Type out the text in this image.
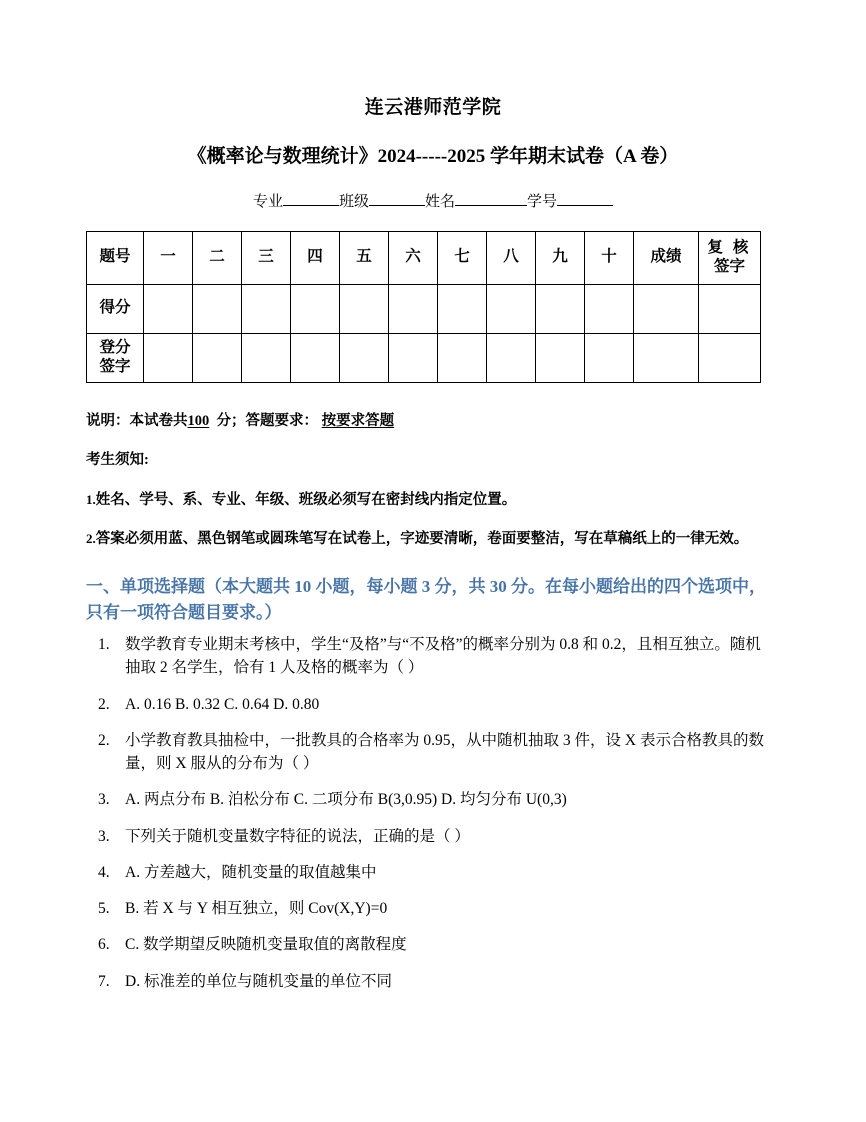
连云港师范学院
《概率论与数理统计》2024-----2025 学年期末试卷（A 卷）
专业	班级	姓名	学号
题号	一	二	三	四	五	六	七	八	九	十	成绩	复 核
签字

得分												

登分
签字												

说明：本试卷共100 分；答题要求： 按要求答题
考生须知:
1.姓名、学号、系、专业、年级、班级必须写在密封线内指定位置。
2.答案必须用蓝、黑色钢笔或圆珠笔写在试卷上，字迹要清晰，卷面要整洁，写在草稿纸上的一律无效。
一、单项选择题（本大题共 10 小题，每小题 3 分，共 30 分。在每小题给出的四个选项中，只有一项符合题目要求。）
1. 数学教育专业期末考核中，学生“及格”与“不及格”的概率分别为 0.8 和 0.2，且相互独立。随机抽取 2 名学生，恰有 1 人及格的概率为（ ）
2. A. 0.16 B. 0.32 C. 0.64 D. 0.80
2. 小学教育教具抽检中，一批教具的合格率为 0.95，从中随机抽取 3 件，设 X 表示合格教具的数量，则 X 服从的分布为（ ）
3. A. 两点分布 B. 泊松分布 C. 二项分布 B(3,0.95) D. 均匀分布 U(0,3)
3. 下列关于随机变量数字特征的说法，正确的是（ ）
4. A. 方差越大，随机变量的取值越集中
5. B. 若 X 与 Y 相互独立，则 Cov(X,Y)=0
6. C. 数学期望反映随机变量取值的离散程度
7. D. 标准差的单位与随机变量的单位不同
